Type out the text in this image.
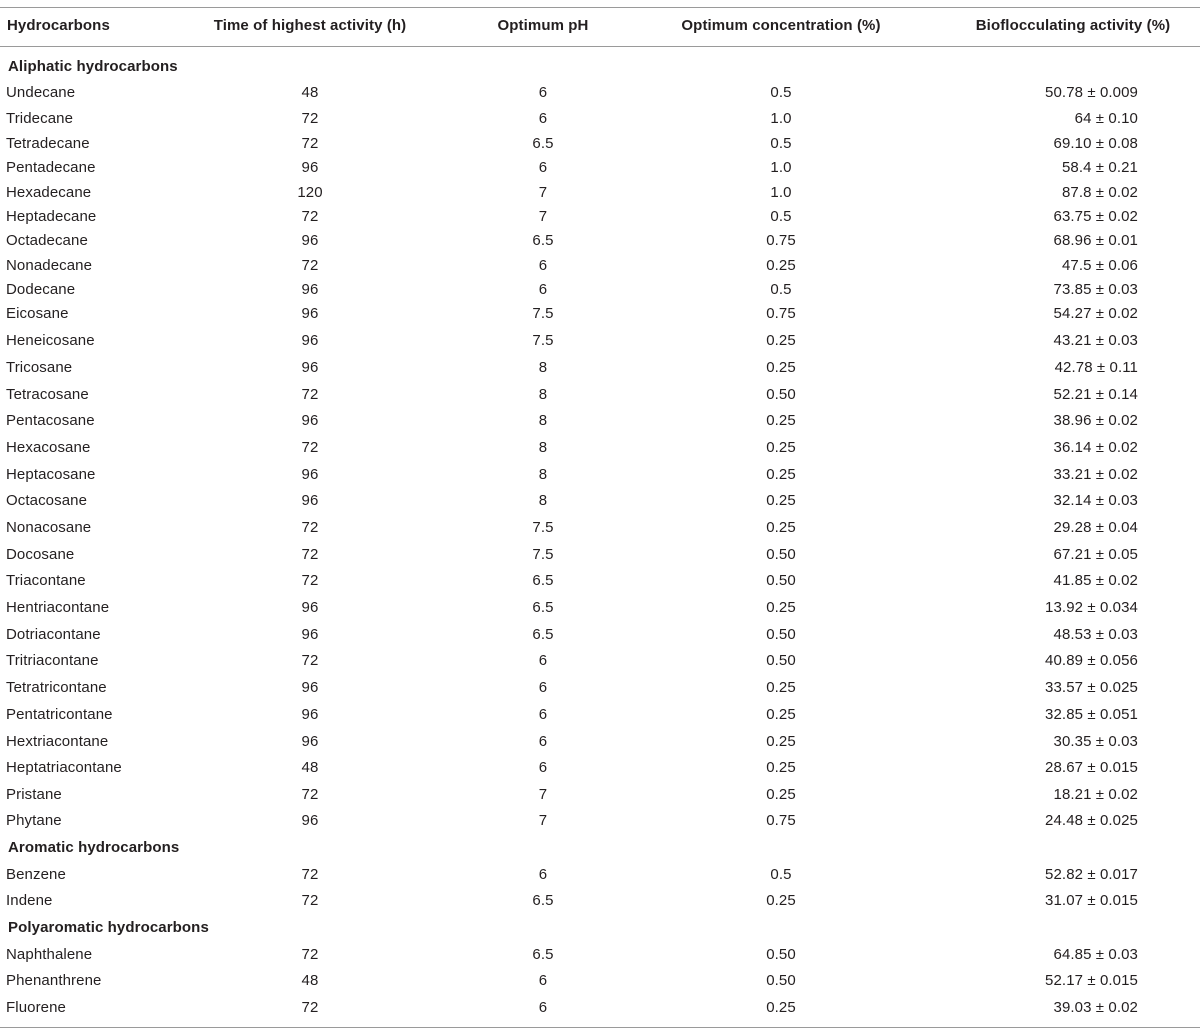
Hydrocarbons	Time of highest activity (h)	Optimum pH	Optimum concentration (%)	Bioflocculating activity (%)
Aliphatic hydrocarbons
Undecane	48	6	0.5	50.78 ± 0.009
Tridecane	72	6	1.0	64 ± 0.10
Tetradecane	72	6.5	0.5	69.10 ± 0.08
Pentadecane	96	6	1.0	58.4 ± 0.21
Hexadecane	120	7	1.0	87.8 ± 0.02
Heptadecane	72	7	0.5	63.75 ± 0.02
Octadecane	96	6.5	0.75	68.96 ± 0.01
Nonadecane	72	6	0.25	47.5 ± 0.06
Dodecane	96	6	0.5	73.85 ± 0.03
Eicosane	96	7.5	0.75	54.27 ± 0.02
Heneicosane	96	7.5	0.25	43.21 ± 0.03
Tricosane	96	8	0.25	42.78 ± 0.11
Tetracosane	72	8	0.50	52.21 ± 0.14
Pentacosane	96	8	0.25	38.96 ± 0.02
Hexacosane	72	8	0.25	36.14 ± 0.02
Heptacosane	96	8	0.25	33.21 ± 0.02
Octacosane	96	8	0.25	32.14 ± 0.03
Nonacosane	72	7.5	0.25	29.28 ± 0.04
Docosane	72	7.5	0.50	67.21 ± 0.05
Triacontane	72	6.5	0.50	41.85 ± 0.02
Hentriacontane	96	6.5	0.25	13.92 ± 0.034
Dotriacontane	96	6.5	0.50	48.53 ± 0.03
Tritriacontane	72	6	0.50	40.89 ± 0.056
Tetratricontane	96	6	0.25	33.57 ± 0.025
Pentatricontane	96	6	0.25	32.85 ± 0.051
Hextriacontane	96	6	0.25	30.35 ± 0.03
Heptatriacontane	48	6	0.25	28.67 ± 0.015
Pristane	72	7	0.25	18.21 ± 0.02
Phytane	96	7	0.75	24.48 ± 0.025
Aromatic hydrocarbons
Benzene	72	6	0.5	52.82 ± 0.017
Indene	72	6.5	0.25	31.07 ± 0.015
Polyaromatic hydrocarbons
Naphthalene	72	6.5	0.50	64.85 ± 0.03
Phenanthrene	48	6	0.50	52.17 ± 0.015
Fluorene	72	6	0.25	39.03 ± 0.02
